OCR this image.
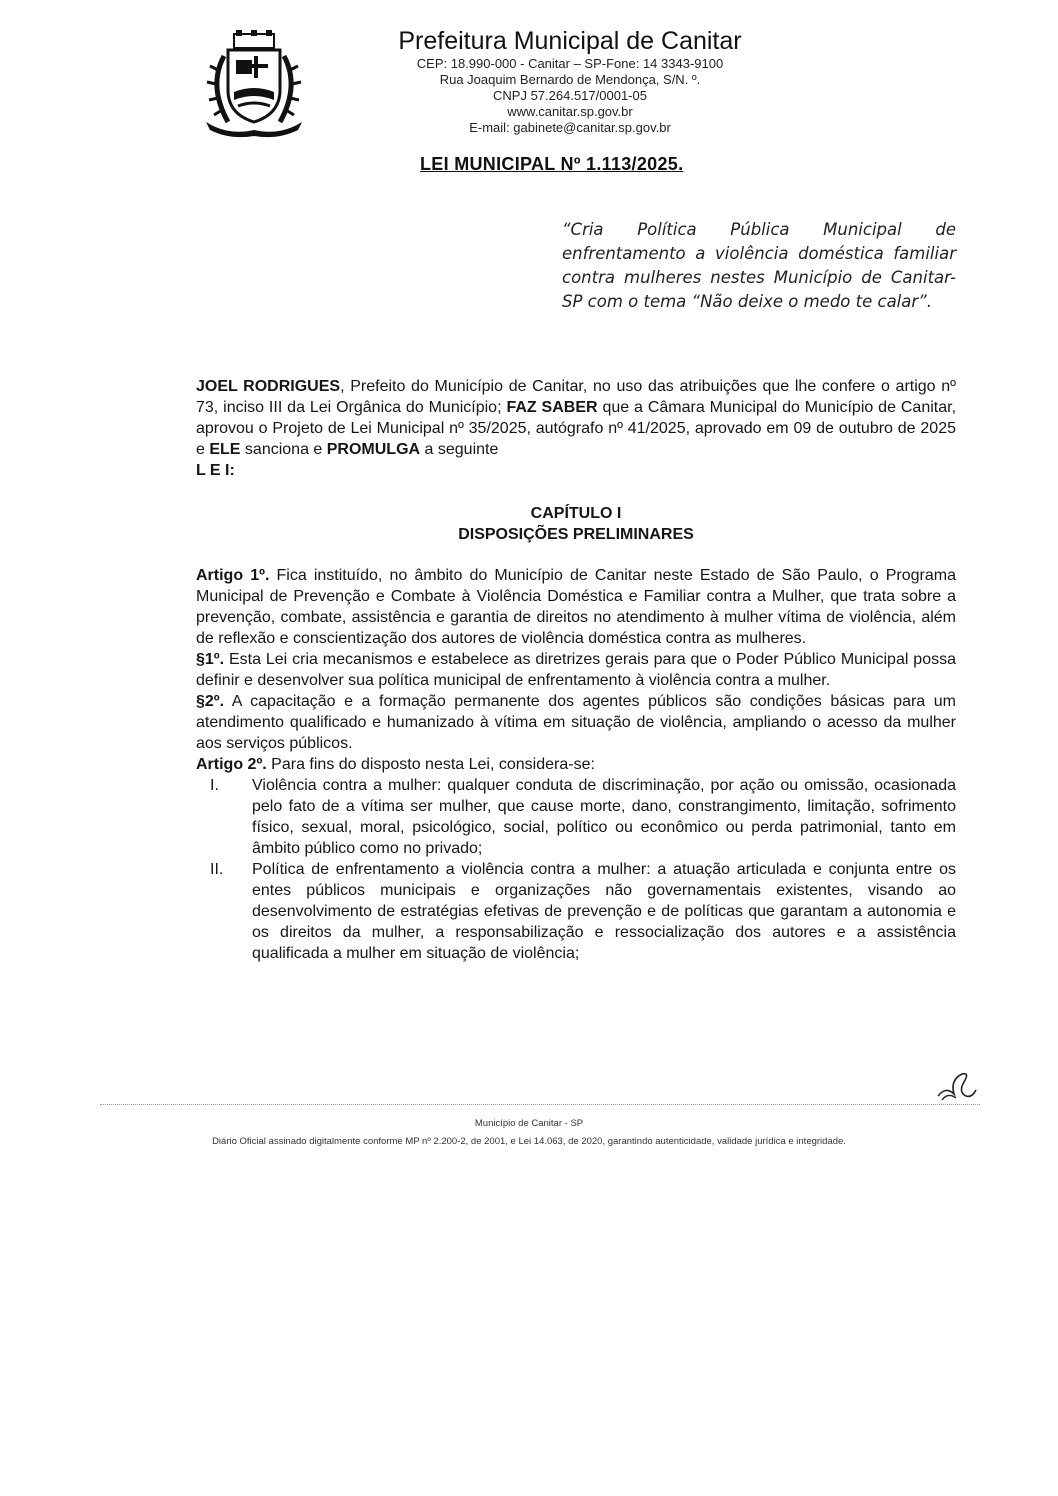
Prefeitura Municipal de Canitar

CEP: 18.990-000 - Canitar – SP-Fone: 14 3343-9100

Rua Joaquim Bernardo de Mendonça, S/N. º.

CNPJ 57.264.517/0001-05

www.canitar.sp.gov.br

E-mail: gabinete@canitar.sp.gov.br

LEI MUNICIPAL Nº 1.113/2025.
“Cria Política Pública Municipal de enfrentamento a violência doméstica familiar contra mulheres nestes Município de Canitar-SP com o tema “Não deixe o medo te calar”.

JOEL RODRIGUES, Prefeito do Município de Canitar, no uso das atribuições que lhe confere o artigo nº 73, inciso III da Lei Orgânica do Município; FAZ SABER que a Câmara Municipal do Município de Canitar, aprovou o Projeto de Lei Municipal nº 35/2025, autógrafo nº 41/2025, aprovado em 09 de outubro de 2025 e ELE sanciona e PROMULGA a seguinte
L E I:

CAPÍTULO I
DISPOSIÇÕES PRELIMINARES

Artigo 1º. Fica instituído, no âmbito do Município de Canitar neste Estado de São Paulo, o Programa Municipal de Prevenção e Combate à Violência Doméstica e Familiar contra a Mulher, que trata sobre a prevenção, combate, assistência e garantia de direitos no atendimento à mulher vítima de violência, além de reflexão e conscientização dos autores de violência doméstica contra as mulheres.

§1º. Esta Lei cria mecanismos e estabelece as diretrizes gerais para que o Poder Público Municipal possa definir e desenvolver sua política municipal de enfrentamento à violência contra a mulher.

§2º. A capacitação e a formação permanente dos agentes públicos são condições básicas para um atendimento qualificado e humanizado à vítima em situação de violência, ampliando o acesso da mulher aos serviços públicos.

Artigo 2º. Para fins do disposto nesta Lei, considera-se:

I. Violência contra a mulher: qualquer conduta de discriminação, por ação ou omissão, ocasionada pelo fato de a vítima ser mulher, que cause morte, dano, constrangimento, limitação, sofrimento físico, sexual, moral, psicológico, social, político ou econômico ou perda patrimonial, tanto em âmbito público como no privado;
II. Política de enfrentamento a violência contra a mulher: a atuação articulada e conjunta entre os entes públicos municipais e organizações não governamentais existentes, visando ao desenvolvimento de estratégias efetivas de prevenção e de políticas que garantam a autonomia e os direitos da mulher, a responsabilização e ressocialização dos autores e a assistência qualificada a mulher em situação de violência;
Município de Canitar - SP
Diário Oficial assinado digitalmente conforme MP nº 2.200-2, de 2001, e Lei 14.063, de 2020, garantindo autenticidade, validade jurídica e integridade.
